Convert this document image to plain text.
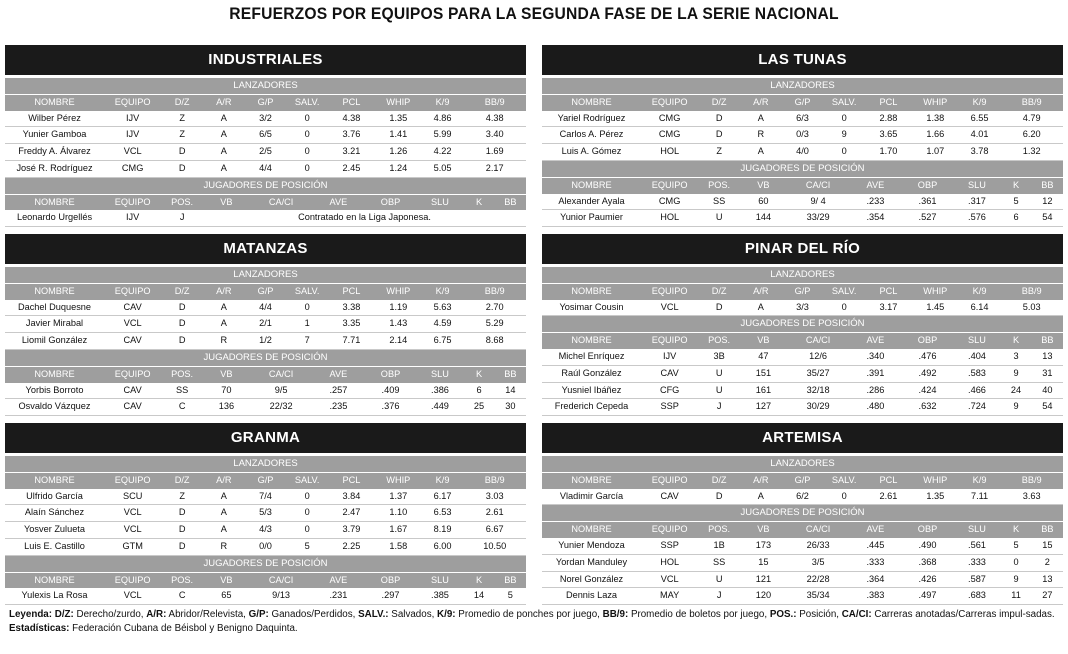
REFUERZOS POR EQUIPOS PARA LA SEGUNDA FASE DE LA SERIE NACIONAL
INDUSTRIALES
LANZADORES									
NOMBRE	EQUIPO	D/Z	A/R	G/P	SALV.	PCL	WHIP	K/9	BB/9
Wilber Pérez	IJV	Z	A	3/2	0	4.38	1.35	4.86	4.38
Yunier Gamboa	IJV	Z	A	6/5	0	3.76	1.41	5.99	3.40
Freddy A. Álvarez	VCL	D	A	2/5	0	3.21	1.26	4.22	1.69
José R. Rodríguez	CMG	D	A	4/4	0	2.45	1.24	5.05	2.17
JUGADORES DE POSICIÓN									
NOMBRE	EQUIPO	POS.	VB	CA/CI	AVE	OBP	SLU	K	BB
Leonardo Urgellés	IJV	J	Contratado en la Liga Japonesa.						
LAS TUNAS
LANZADORES									
NOMBRE	EQUIPO	D/Z	A/R	G/P	SALV.	PCL	WHIP	K/9	BB/9
Yariel Rodríguez	CMG	D	A	6/3	0	2.88	1.38	6.55	4.79
Carlos A. Pérez	CMG	D	R	0/3	9	3.65	1.66	4.01	6.20
Luis A. Gómez	HOL	Z	A	4/0	0	1.70	1.07	3.78	1.32
JUGADORES DE POSICIÓN									
NOMBRE	EQUIPO	POS.	VB	CA/CI	AVE	OBP	SLU	K	BB
Alexander Ayala	CMG	SS	60	9/ 4	.233	.361	.317	5	12
Yunior Paumier	HOL	U	144	33/29	.354	.527	.576	6	54
MATANZAS
LANZADORES									
NOMBRE	EQUIPO	D/Z	A/R	G/P	SALV.	PCL	WHIP	K/9	BB/9
Dachel Duquesne	CAV	D	A	4/4	0	3.38	1.19	5.63	2.70
Javier Mirabal	VCL	D	A	2/1	1	3.35	1.43	4.59	5.29
Liomil González	CAV	D	R	1/2	7	7.71	2.14	6.75	8.68
JUGADORES DE POSICIÓN									
NOMBRE	EQUIPO	POS.	VB	CA/CI	AVE	OBP	SLU	K	BB
Yorbis Borroto	CAV	SS	70	9/5	.257	.409	.386	6	14
Osvaldo Vázquez	CAV	C	136	22/32	.235	.376	.449	25	30
PINAR DEL RÍO
LANZADORES									
NOMBRE	EQUIPO	D/Z	A/R	G/P	SALV.	PCL	WHIP	K/9	BB/9
Yosimar Cousin	VCL	D	A	3/3	0	3.17	1.45	6.14	5.03
JUGADORES DE POSICIÓN									
NOMBRE	EQUIPO	POS.	VB	CA/CI	AVE	OBP	SLU	K	BB
Michel Enríquez	IJV	3B	47	12/6	.340	.476	.404	3	13
Raúl González	CAV	U	151	35/27	.391	.492	.583	9	31
Yusniel Ibáñez	CFG	U	161	32/18	.286	.424	.466	24	40
Frederich Cepeda	SSP	J	127	30/29	.480	.632	.724	9	54
GRANMA
LANZADORES									
NOMBRE	EQUIPO	D/Z	A/R	G/P	SALV.	PCL	WHIP	K/9	BB/9
Ulfrido García	SCU	Z	A	7/4	0	3.84	1.37	6.17	3.03
Alaín Sánchez	VCL	D	A	5/3	0	2.47	1.10	6.53	2.61
Yosver Zulueta	VCL	D	A	4/3	0	3.79	1.67	8.19	6.67
Luis E. Castillo	GTM	D	R	0/0	5	2.25	1.58	6.00	10.50
JUGADORES DE POSICIÓN									
NOMBRE	EQUIPO	POS.	VB	CA/CI	AVE	OBP	SLU	K	BB
Yulexis La Rosa	VCL	C	65	9/13	.231	.297	.385	14	5
ARTEMISA
LANZADORES									
NOMBRE	EQUIPO	D/Z	A/R	G/P	SALV.	PCL	WHIP	K/9	BB/9
Vladimir García	CAV	D	A	6/2	0	2.61	1.35	7.11	3.63
JUGADORES DE POSICIÓN									
NOMBRE	EQUIPO	POS.	VB	CA/CI	AVE	OBP	SLU	K	BB
Yunier Mendoza	SSP	1B	173	26/33	.445	.490	.561	5	15
Yordan Manduley	HOL	SS	15	3/5	.333	.368	.333	0	2
Norel González	VCL	U	121	22/28	.364	.426	.587	9	13
Dennis Laza	MAY	J	120	35/34	.383	.497	.683	11	27
Leyenda: D/Z: Derecho/zurdo, A/R: Abridor/Relevista, G/P: Ganados/Perdidos, SALV.: Salvados, K/9: Promedio de ponches por juego, BB/9: Promedio de boletos por juego, POS.: Posición, CA/CI: Carreras anotadas/Carreras impul-sadas. Estadísticas: Federación Cubana de Béisbol y Benigno Daquinta.
